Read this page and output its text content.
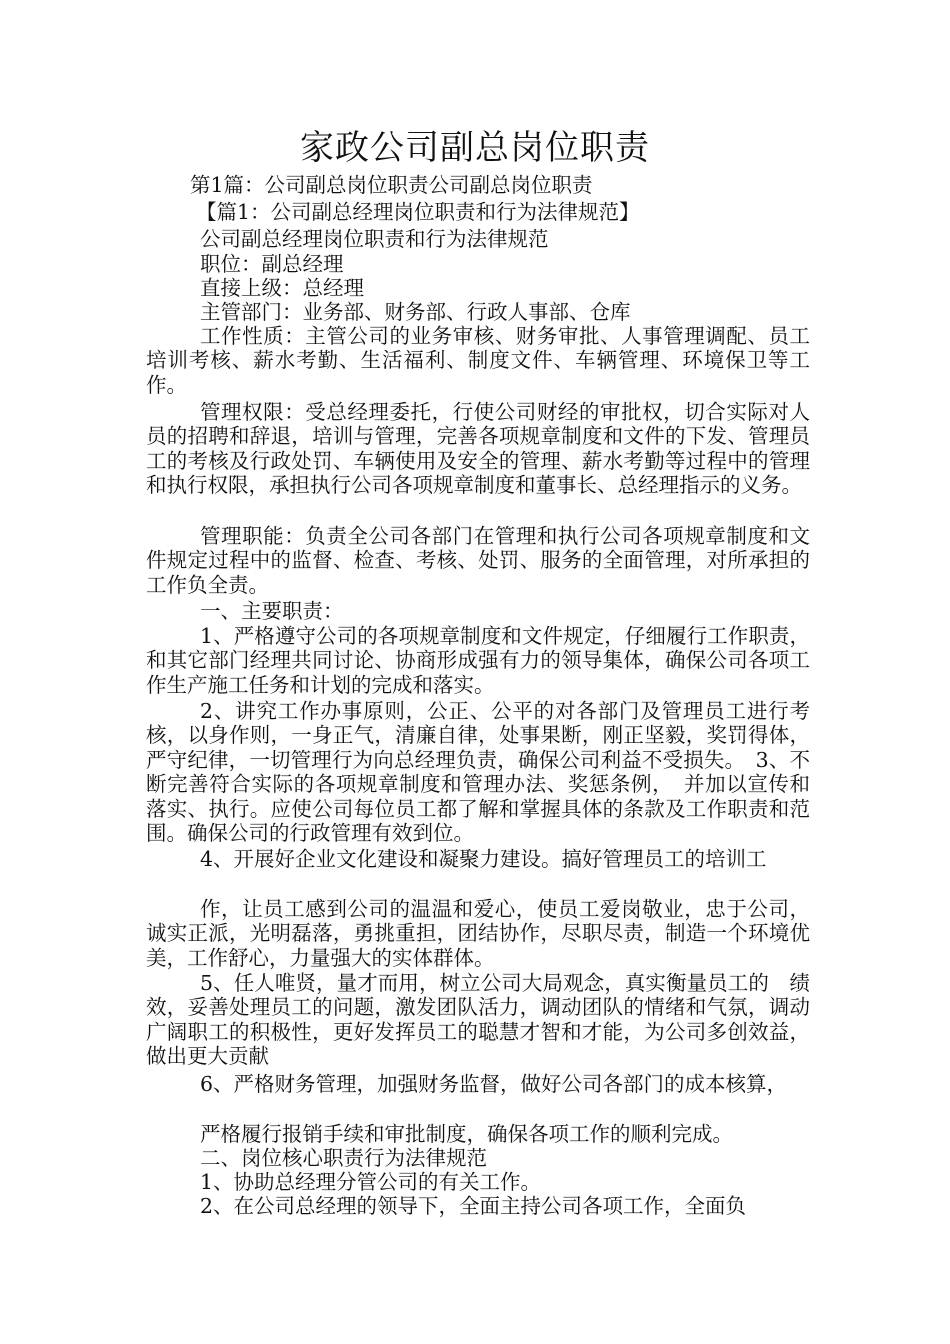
家政公司副总岗位职责
第1篇：公司副总岗位职责公司副总岗位职责
【篇1：公司副总经理岗位职责和行为法律规范】
公司副总经理岗位职责和行为法律规范
职位：副总经理
直接上级：总经理
主管部门：业务部、财务部、行政人事部、仓库
工作性质：主管公司的业务审核、财务审批、人事管理调配、员工培训考核、薪水考勤、生活福利、制度文件、车辆管理、环境保卫等工作。
管理权限：受总经理委托，行使公司财经的审批权，切合实际对人员的招聘和辞退，培训与管理，完善各项规章制度和文件的下发、管理员工的考核及行政处罚、车辆使用及安全的管理、薪水考勤等过程中的管理和执行权限，承担执行公司各项规章制度和董事长、总经理指示的义务。
管理职能：负责全公司各部门在管理和执行公司各项规章制度和文件规定过程中的监督、检查、考核、处罚、服务的全面管理，对所承担的工作负全责。
一、主要职责：
1、严格遵守公司的各项规章制度和文件规定，仔细履行工作职责，和其它部门经理共同讨论、协商形成强有力的领导集体，确保公司各项工作生产施工任务和计划的完成和落实。
2、讲究工作办事原则，公正、公平的对各部门及管理员工进行考核，以身作则，一身正气，清廉自律，处事果断，刚正坚毅，奖罚得体，严守纪律，一切管理行为向总经理负责，确保公司利益不受损失。　3、不断完善符合实际的各项规章制度和管理办法、奖惩条例，　并加以宣传和落实、执行。应使公司每位员工都了解和掌握具体的条款及工作职责和范围。确保公司的行政管理有效到位。
4、开展好企业文化建设和凝聚力建设。搞好管理员工的培训工
作，让员工感到公司的温温和爱心，使员工爱岗敬业，忠于公司，诚实正派，光明磊落，勇挑重担，团结协作，尽职尽责，制造一个环境优美，工作舒心，力量强大的实体群体。
5、任人唯贤，量才而用，树立公司大局观念，真实衡量员工的　绩效，妥善处理员工的问题，激发团队活力，调动团队的情绪和气氛，调动广阔职工的积极性，更好发挥员工的聪慧才智和才能，为公司多创效益，做出更大贡献
6、严格财务管理，加强财务监督，做好公司各部门的成本核算，
严格履行报销手续和审批制度，确保各项工作的顺利完成。
二、岗位核心职责行为法律规范
1、协助总经理分管公司的有关工作。
2、在公司总经理的领导下，全面主持公司各项工作，全面负
